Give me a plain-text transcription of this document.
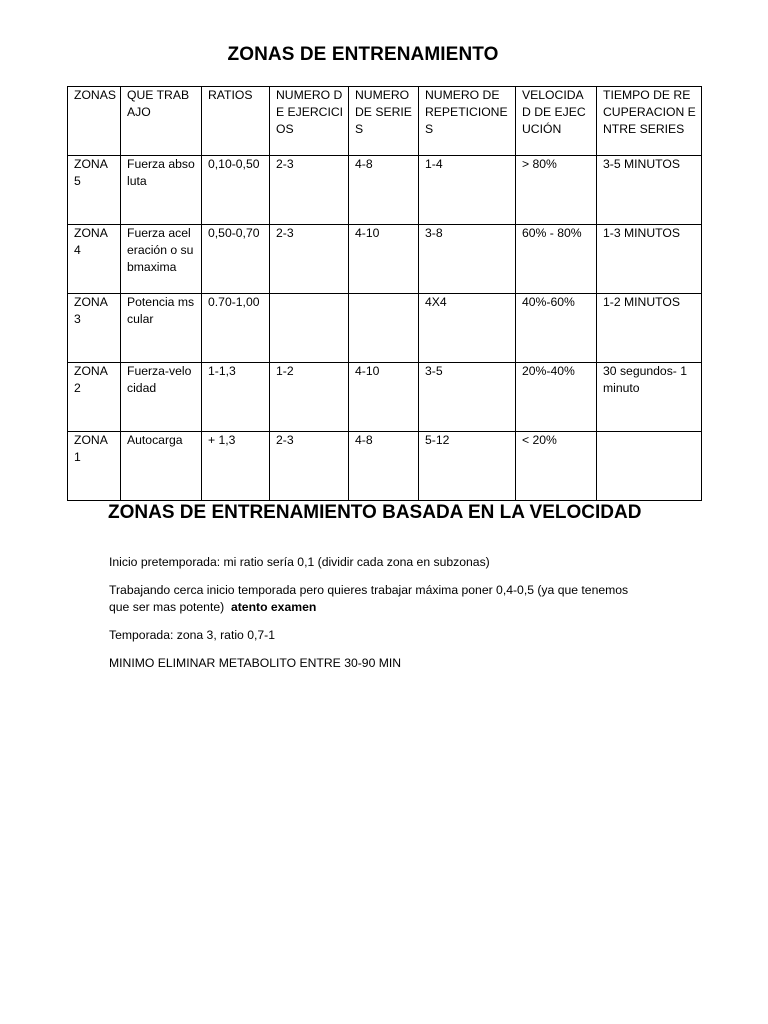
ZONAS DE ENTRENAMIENTO
ZONAS	QUE TRABAJO	RATIOS	NUMERO DE EJERCICIOS	NUMERO DE SERIES	NUMERO DE REPETICIONES	VELOCIDAD DE EJECUCIÓN	TIEMPO DE RECUPERACION ENTRE SERIES
ZONA 5	Fuerza absoluta	0,10-0,50	2-3	4-8	1-4	> 80%	3-5 MINUTOS
ZONA 4	Fuerza aceleración o submaxima	0,50-0,70	2-3	4-10	3-8	60% - 80%	1-3 MINUTOS
ZONA 3	Potencia mscular	0.70-1,00			4X4	40%-60%	1-2 MINUTOS
ZONA 2	Fuerza-velocidad	1-1,3	1-2	4-10	3-5	20%-40%	30 segundos- 1 minuto
ZONA 1	Autocarga	+ 1,3	2-3	4-8	5-12	< 20%	
ZONAS DE ENTRENAMIENTO BASADA EN LA VELOCIDAD

Inicio pretemporada: mi ratio sería 0,1 (dividir cada zona en subzonas)

Trabajando cerca inicio temporada pero quieres trabajar máxima poner 0,4-0,5 (ya que tenemos que ser mas potente) atento examen

Temporada: zona 3, ratio 0,7-1

MINIMO ELIMINAR METABOLITO ENTRE 30-90 MIN
